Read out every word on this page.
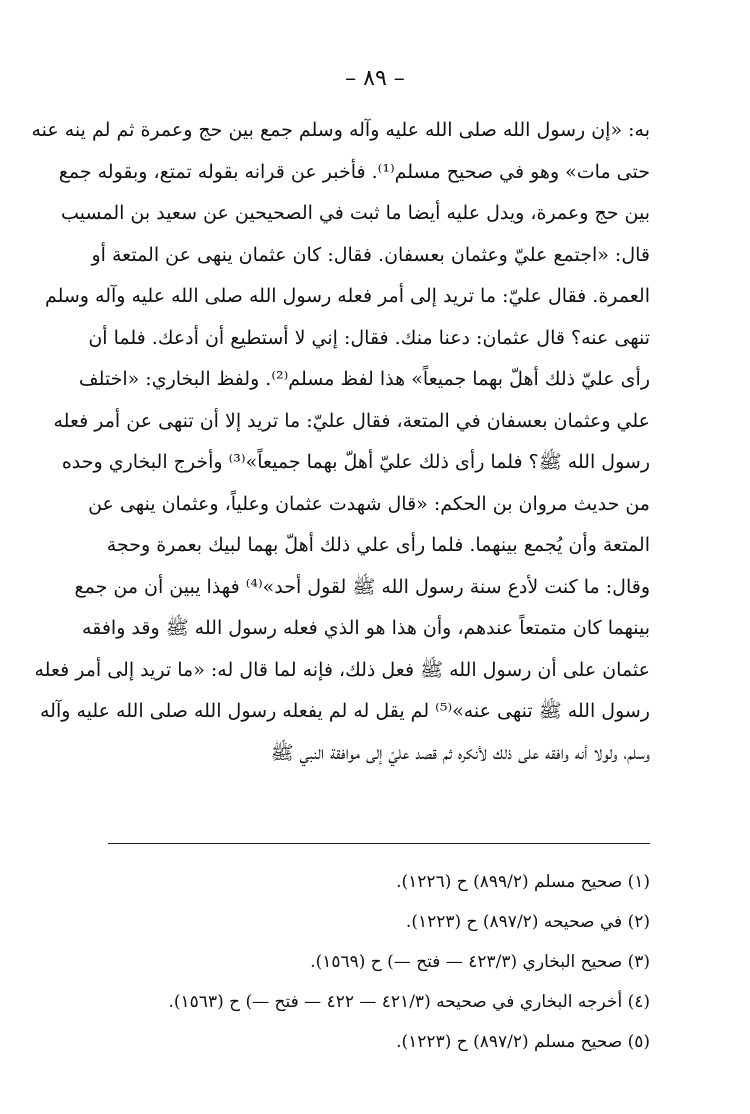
– ٨٩ –
به: «إن رسول الله صلى الله عليه وآله وسلم جمع بين حج وعمرة ثم لم ينه عنه
حتى مات» وهو في صحيح مسلم⁽¹⁾. فأخبر عن قرانه بقوله تمتع، وبقوله جمع
بين حج وعمرة، ويدل عليه أيضا ما ثبت في الصحيحين عن سعيد بن المسيب
قال: «اجتمع عليّ وعثمان بعسفان. فقال: كان عثمان ينهى عن المتعة أو
العمرة. فقال عليّ: ما تريد إلى أمر فعله رسول الله صلى الله عليه وآله وسلم
تنهى عنه؟ قال عثمان: دعنا منك. فقال: إني لا أستطيع أن أدعك. فلما أن
رأى عليّ ذلك أهلّ بهما جميعاً» هذا لفظ مسلم⁽²⁾. ولفظ البخاري: «اختلف
علي وعثمان بعسفان في المتعة، فقال عليّ: ما تريد إلا أن تنهى عن أمر فعله
رسول الله ﷺ؟ فلما رأى ذلك عليّ أهلّ بهما جميعاً»⁽³⁾ وأخرج البخاري وحده
من حديث مروان بن الحكم: «قال شهدت عثمان وعلياً، وعثمان ينهى عن
المتعة وأن يُجمع بينهما. فلما رأى علي ذلك أهلّ بهما لبيك بعمرة وحجة
وقال: ما كنت لأدع سنة رسول الله ﷺ لقول أحد»⁽⁴⁾ فهذا يبين أن من جمع
بينهما كان متمتعاً عندهم، وأن هذا هو الذي فعله رسول الله ﷺ وقد وافقه
عثمان على أن رسول الله ﷺ فعل ذلك، فإنه لما قال له: «ما تريد إلى أمر فعله
رسول الله ﷺ تنهى عنه»⁽⁵⁾ لم يقل له لم يفعله رسول الله صلى الله عليه وآله
وسلم، ولولا أنه وافقه على ذلك لأنكره ثم قصد عليّ إلى موافقة النبي ﷺ
(١) صحيح مسلم (٨٩٩/٢) ح (١٢٢٦).
(٢) في صحيحه (٨٩٧/٢) ح (١٢٢٣).
(٣) صحيح البخاري (٤٢٣/٣ — فتح —) ح (١٥٦٩).
(٤) أخرجه البخاري في صحيحه (٤٢١/٣ — ٤٢٢ — فتح —) ح (١٥٦٣).
(٥) صحيح مسلم (٨٩٧/٢) ح (١٢٢٣).
